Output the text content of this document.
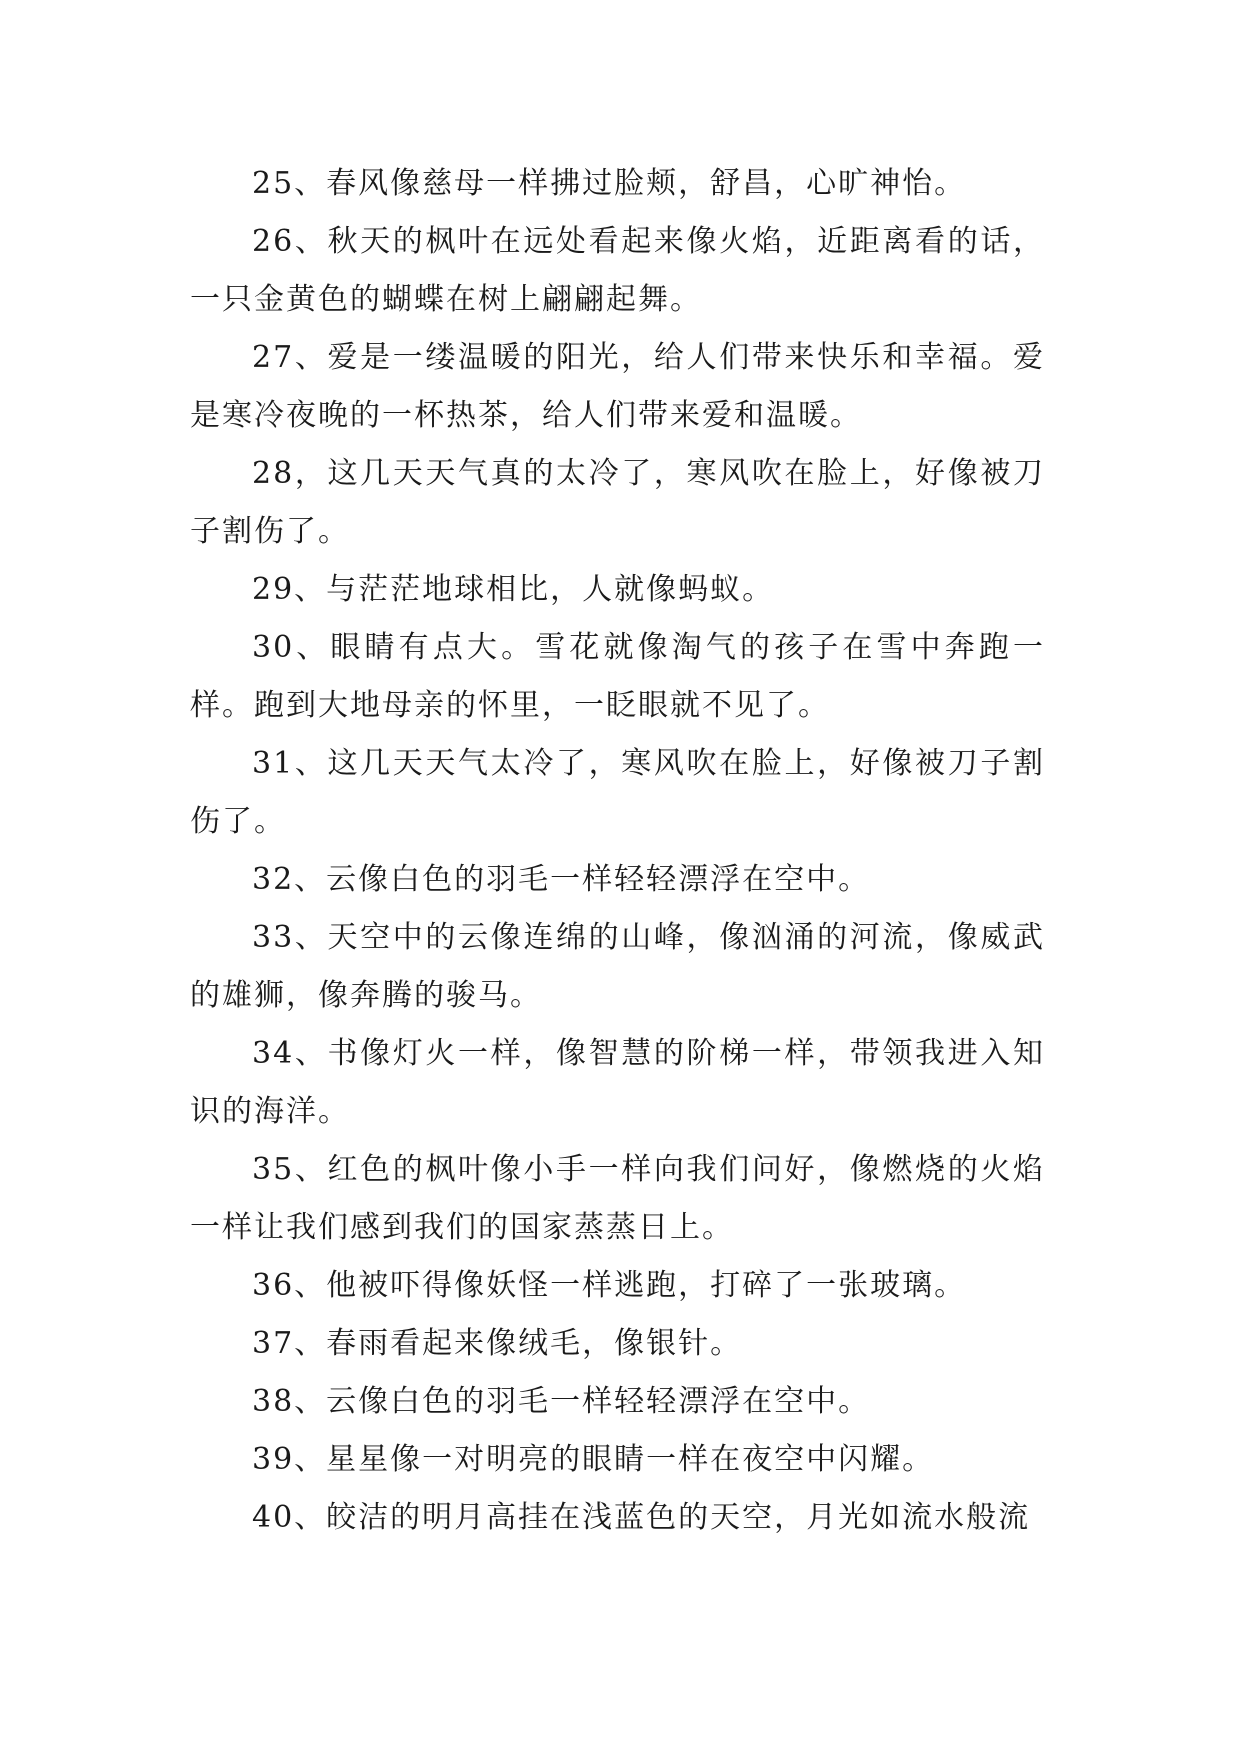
25、春风像慈母一样拂过脸颊，舒昌，心旷神怡。

26、秋天的枫叶在远处看起来像火焰，近距离看的话，一只金黄色的蝴蝶在树上翩翩起舞。

27、爱是一缕温暖的阳光，给人们带来快乐和幸福。爱是寒冷夜晚的一杯热茶，给人们带来爱和温暖。

28，这几天天气真的太冷了，寒风吹在脸上，好像被刀子割伤了。

29、与茫茫地球相比，人就像蚂蚁。

30、眼睛有点大。雪花就像淘气的孩子在雪中奔跑一样。跑到大地母亲的怀里，一眨眼就不见了。

31、这几天天气太冷了，寒风吹在脸上，好像被刀子割伤了。

32、云像白色的羽毛一样轻轻漂浮在空中。

33、天空中的云像连绵的山峰，像汹涌的河流，像威武的雄狮，像奔腾的骏马。

34、书像灯火一样，像智慧的阶梯一样，带领我进入知识的海洋。

35、红色的枫叶像小手一样向我们问好，像燃烧的火焰一样让我们感到我们的国家蒸蒸日上。

36、他被吓得像妖怪一样逃跑，打碎了一张玻璃。

37、春雨看起来像绒毛，像银针。

38、云像白色的羽毛一样轻轻漂浮在空中。

39、星星像一对明亮的眼睛一样在夜空中闪耀。

40、皎洁的明月高挂在浅蓝色的天空，月光如流水般流
